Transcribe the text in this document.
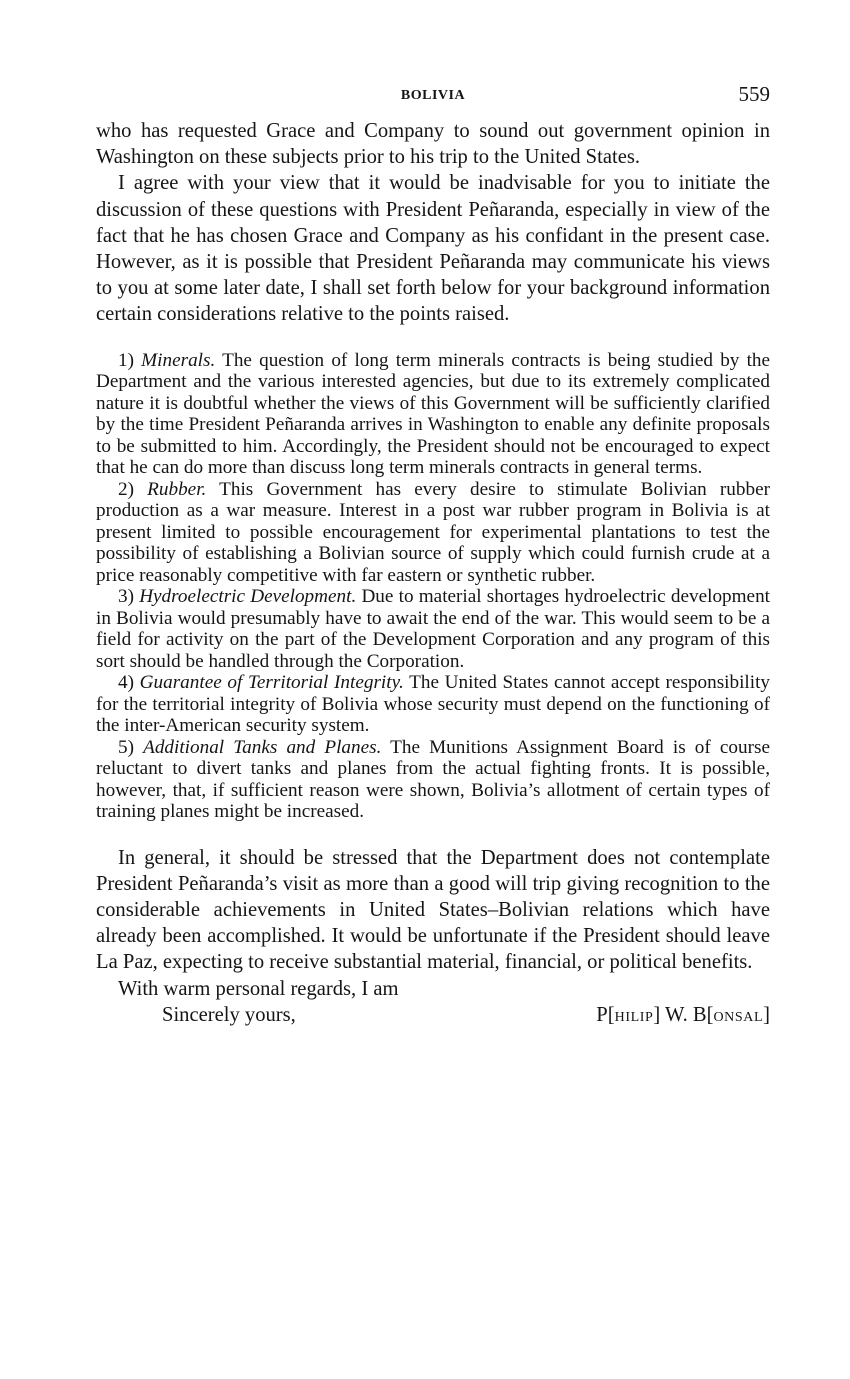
BOLIVIA	559

who has requested Grace and Company to sound out government opinion in Washington on these subjects prior to his trip to the United States.

I agree with your view that it would be inadvisable for you to initiate the discussion of these questions with President Peñaranda, especially in view of the fact that he has chosen Grace and Company as his confidant in the present case. However, as it is possible that President Peñaranda may communicate his views to you at some later date, I shall set forth below for your background information certain considerations relative to the points raised.

1) Minerals. The question of long term minerals contracts is being studied by the Department and the various interested agencies, but due to its extremely complicated nature it is doubtful whether the views of this Government will be sufficiently clarified by the time President Peñaranda arrives in Washington to enable any definite proposals to be submitted to him. Accordingly, the President should not be encouraged to expect that he can do more than discuss long term minerals contracts in general terms.

2) Rubber. This Government has every desire to stimulate Bolivian rubber production as a war measure. Interest in a post war rubber program in Bolivia is at present limited to possible encouragement for experimental plantations to test the possibility of establishing a Bolivian source of supply which could furnish crude at a price reasonably competitive with far eastern or synthetic rubber.

3) Hydroelectric Development. Due to material shortages hydroelectric development in Bolivia would presumably have to await the end of the war. This would seem to be a field for activity on the part of the Development Corporation and any program of this sort should be handled through the Corporation.

4) Guarantee of Territorial Integrity. The United States cannot accept responsibility for the territorial integrity of Bolivia whose security must depend on the functioning of the inter-American security system.

5) Additional Tanks and Planes. The Munitions Assignment Board is of course reluctant to divert tanks and planes from the actual fighting fronts. It is possible, however, that, if sufficient reason were shown, Bolivia’s allotment of certain types of training planes might be increased.

In general, it should be stressed that the Department does not contemplate President Peñaranda’s visit as more than a good will trip giving recognition to the considerable achievements in United States–Bolivian relations which have already been accomplished. It would be unfortunate if the President should leave La Paz, expecting to receive substantial material, financial, or political benefits.

With warm personal regards, I am

Sincerely yours,	P[HILIP] W. B[ONSAL]
